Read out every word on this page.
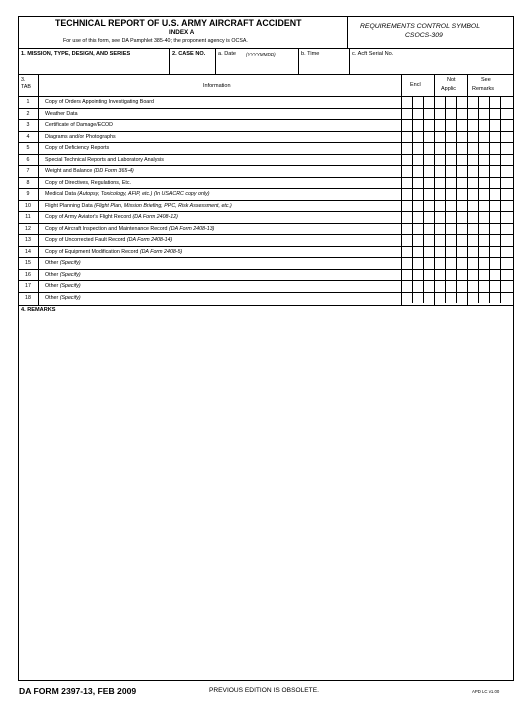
TECHNICAL REPORT OF U.S. ARMY AIRCRAFT ACCIDENT
INDEX A
For use of this form, see DA Pamphlet 385-40; the proponent agency is OCSA.
REQUIREMENTS CONTROL SYMBOL
CSOCS-309
1. MISSION, TYPE, DESIGN, AND SERIES	2. CASE NO. a. Date (YYYYMMDD)	b. Time	c. Acft Serial No.
3.
TAB	Information	Encl
Not
Applic
See
Remarks
1	Copy of Orders Appointing Investigating Board
2	Weather Data
3	Certificate of Damage/ECOD
4	Diagrams and/or Photographs
5	Copy of Deficiency Reports
6	Special Technical Reports and Laboratory Analysis
7	Weight and Balance (DD Form 365-4)
8	Copy of Directives, Regulations, Etc.
9	Medical Data (Autopsy, Toxicology, AFIP, etc.) (In USACRC copy only)
10	Flight Planning Data (Flight Plan, Mission Briefing, PPC, Risk Assessment, etc.)
11	Copy of Army Aviator's Flight Record (DA Form 2408-12)
12	Copy of Aircraft Inspection and Maintenance Record (DA Form 2408-13)
13	Copy of Uncorrected Fault Record (DA Form 2408-14)
14	Copy of Equipment Modification Record (DA Form 2408-5)
15	Other (Specify)
16	Other (Specify)
17	Other (Specify)
18	Other (Specify)
4. REMARKS
DA FORM 2397-13, FEB 2009	PREVIOUS EDITION IS OBSOLETE.	APD LC v1.00
